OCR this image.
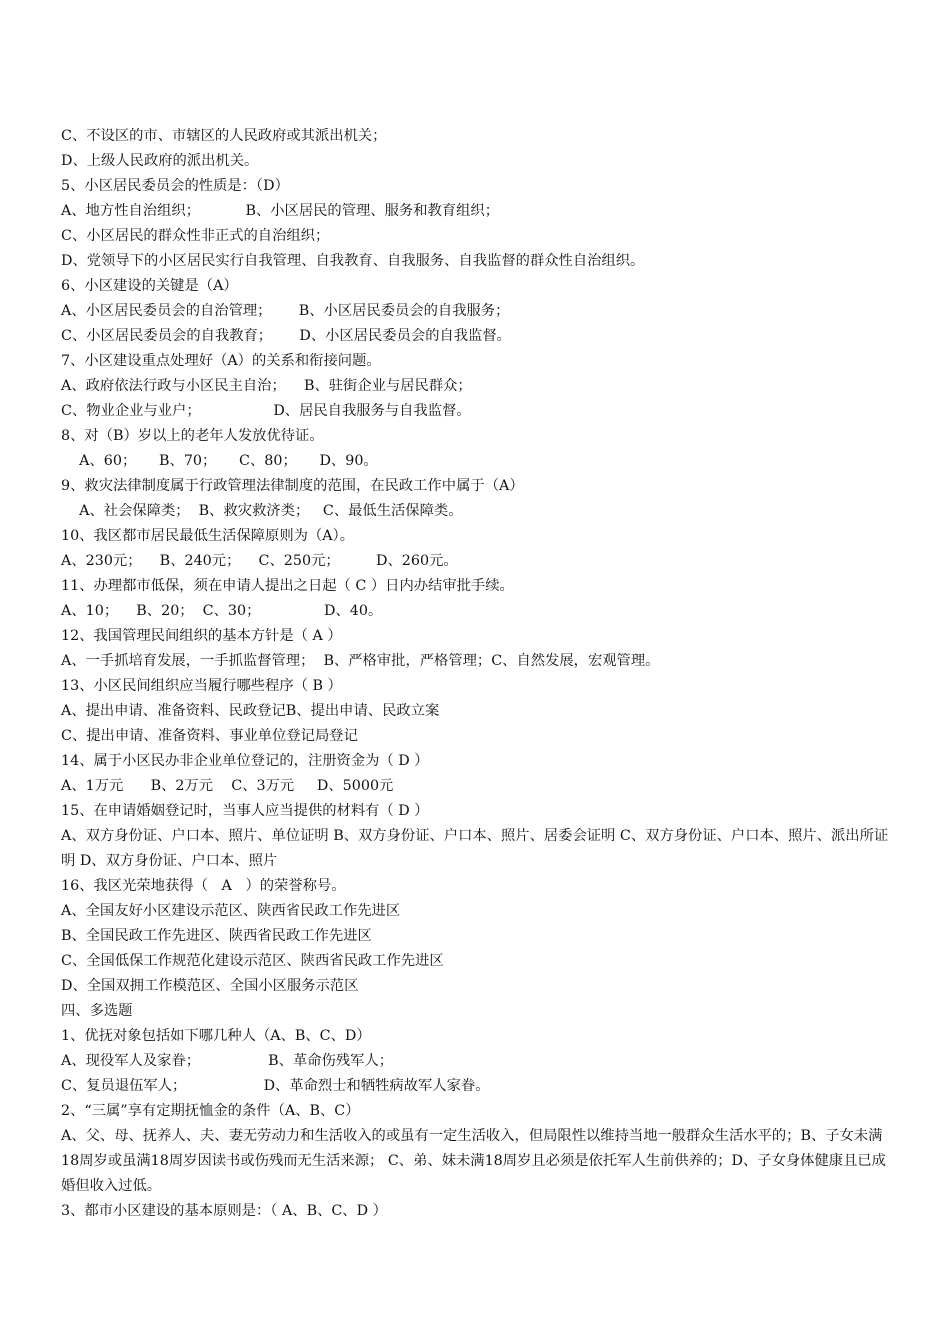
C、不设区的市、市辖区的人民政府或其派出机关；
D、上级人民政府的派出机关。
5、小区居民委员会的性质是：（D）
A、地方性自治组织；          B、小区居民的管理、服务和教育组织；
C、小区居民的群众性非正式的自治组织；
D、党领导下的小区居民实行自我管理、自我教育、自我服务、自我监督的群众性自治组织。
6、小区建设的关键是（A）
A、小区居民委员会的自治管理；      B、小区居民委员会的自我服务；
C、小区居民委员会的自我教育；      D、小区居民委员会的自我监督。
7、小区建设重点处理好（A）的关系和衔接问题。
A、政府依法行政与小区民主自治；    B、驻街企业与居民群众；
C、物业企业与业户；                D、居民自我服务与自我监督。
8、对（B）岁以上的老年人发放优待证。
A、60；     B、70；     C、80；     D、90。
9、救灾法律制度属于行政管理法律制度的范围，在民政工作中属于（A）
A、社会保障类；  B、救灾救济类；   C、最低生活保障类。
10、我区都市居民最低生活保障原则为（A）。
A、230元；    B、240元；    C、250元；        D、260元。
11、办理都市低保，须在申请人提出之日起（ C ）日内办结审批手续。
A、10；    B、20；  C、30；              D、40。
12、我国管理民间组织的基本方针是（ A ）
A、一手抓培育发展，一手抓监督管理；  B、严格审批，严格管理；C、自然发展，宏观管理。
13、小区民间组织应当履行哪些程序（ B ）
A、提出申请、准备资料、民政登记B、提出申请、民政立案
C、提出申请、准备资料、事业单位登记局登记
14、属于小区民办非企业单位登记的，注册资金为（ D ）
A、1万元      B、2万元    C、3万元     D、5000元
15、在申请婚姻登记时，当事人应当提供的材料有（ D ）
A、双方身份证、户口本、照片、单位证明 B、双方身份证、户口本、照片、居委会证明 C、双方身份证、户口本、照片、派出所证明 D、双方身份证、户口本、照片
16、我区光荣地获得（   A   ）的荣誉称号。
A、全国友好小区建设示范区、陕西省民政工作先进区
B、全国民政工作先进区、陕西省民政工作先进区
C、全国低保工作规范化建设示范区、陕西省民政工作先进区
D、全国双拥工作模范区、全国小区服务示范区
四、多选题
1、优抚对象包括如下哪几种人（A、B、C、D）
A、现役军人及家眷；               B、革命伤残军人；
C、复员退伍军人；                 D、革命烈士和牺牲病故军人家眷。
2、“三属”享有定期抚恤金的条件（A、B、C）
A、父、母、抚养人、夫、妻无劳动力和生活收入的或虽有一定生活收入，但局限性以维持当地一般群众生活水平的；B、子女未满18周岁或虽满18周岁因读书或伤残而无生活来源； C、弟、妹未满18周岁且必须是依托军人生前供养的；D、子女身体健康且已成婚但收入过低。
3、都市小区建设的基本原则是：（ A、B、C、D ）
